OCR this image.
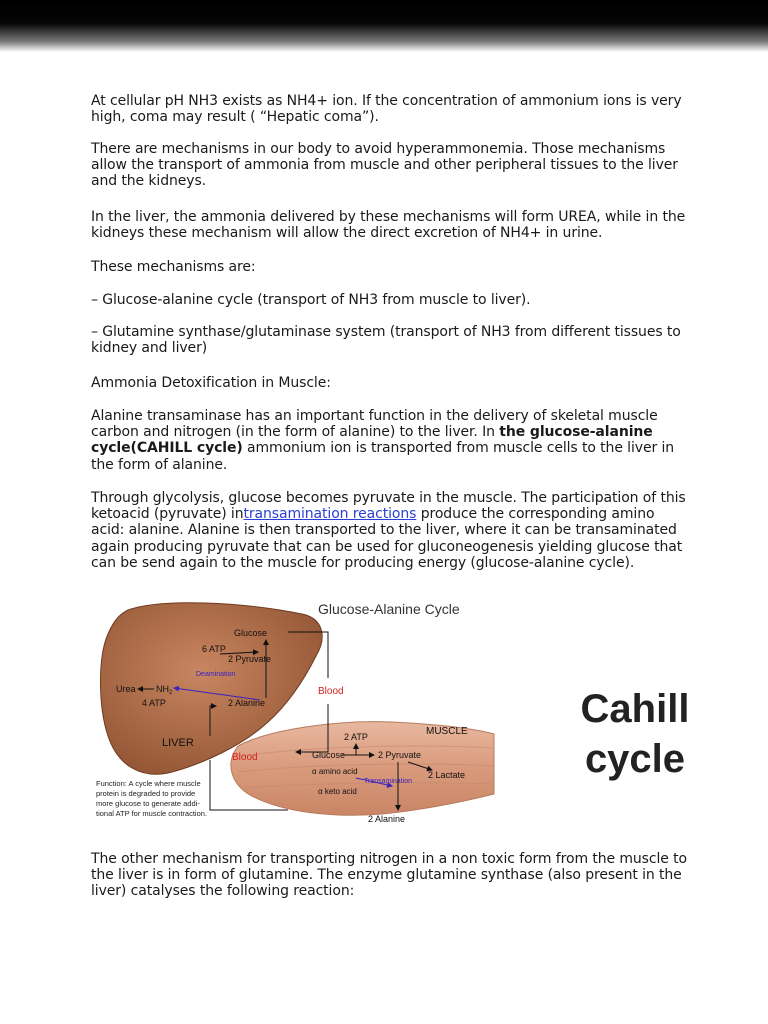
At cellular pH NH3 exists as NH4+ ion. If the concentration of ammonium ions is very high, coma may result ( “Hepatic coma”).

There are mechanisms in our body to avoid hyperammonemia. Those mechanisms allow the transport of ammonia from muscle and other peripheral tissues to the liver and the kidneys.

In the liver, the ammonia delivered by these mechanisms will form UREA, while in the kidneys these mechanism will allow the direct excretion of NH4+ in urine.

These mechanisms are:

– Glucose-alanine cycle (transport of NH3 from muscle to liver).

– Glutamine synthase/glutaminase system (transport of NH3 from different tissues to kidney and liver)

Ammonia Detoxification in Muscle:

Alanine transaminase has an important function in the delivery of skeletal muscle carbon and nitrogen (in the form of alanine) to the liver. In the glucose-alanine cycle(CAHILL cycle) ammonium ion is transported from muscle cells to the liver in the form of alanine.

Through glycolysis, glucose becomes pyruvate in the muscle. The participation of this ketoacid (pyruvate) intransamination reactions produce the corresponding amino acid: alanine. Alanine is then transported to the liver, where it can be transaminated again producing pyruvate that can be used for gluconeogenesis yielding glucose that can be send again to the muscle for producing energy (glucose-alanine cycle).

Glucose-Alanine Cycle
Glucose
6 ATP
2 Pyruvate
Deamination
Urea $NH_2$
4 ATP	2 Alanine
LIVER
Blood
Blood
MUSCLE
2 ATP
Glucose	2 Pyruvate
α amino acid
Transamination
α keto acid
2 Lactate
2 Alanine
Function: A cycle where muscle
protein is degraded to provide
more glucose to generate addi-
tional ATP for muscle contraction.
Cahill
cycle

The other mechanism for transporting nitrogen in a non toxic form from the muscle to the liver is in form of glutamine. The enzyme glutamine synthase (also present in the liver) catalyses the following reaction:
